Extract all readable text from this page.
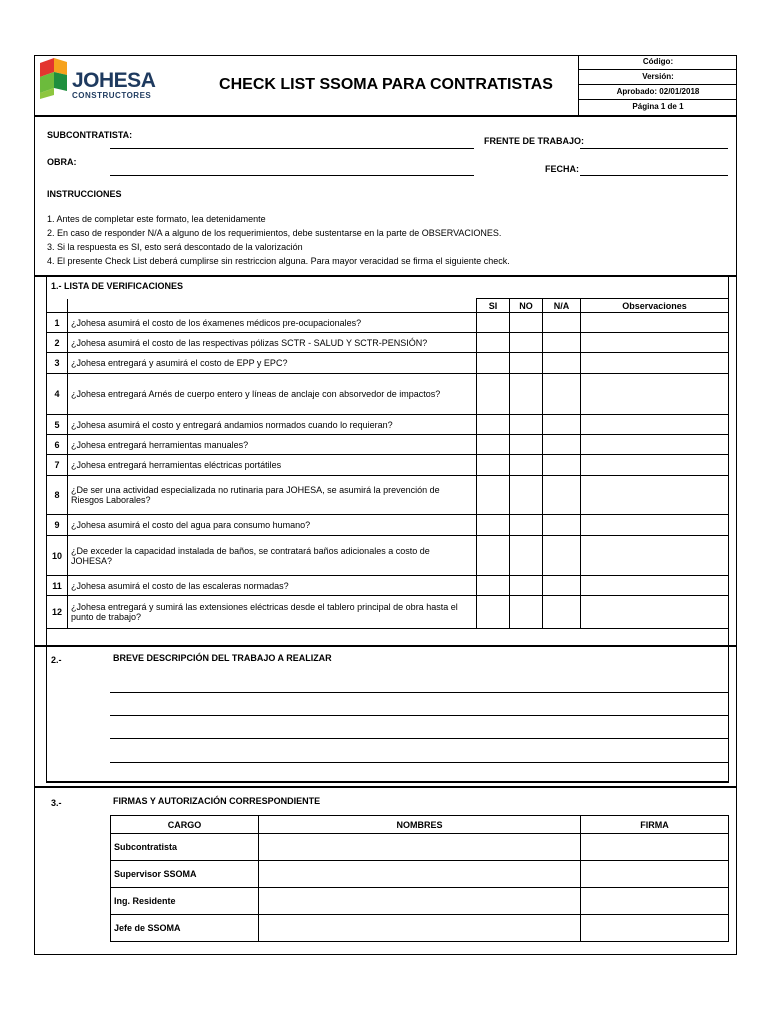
JOHESA
CONSTRUCTORES
CHECK LIST SSOMA PARA CONTRATISTAS
Código:
Versión:
Aprobado: 02/01/2018
Página 1 de 1
SUBCONTRATISTA:
FRENTE DE TRABAJO:
OBRA:
FECHA:
INSTRUCCIONES
1. Antes de completar este formato, lea detenidamente
2. En caso de responder N/A a alguno de los requerimientos, debe sustentarse en la parte de OBSERVACIONES.
3. Si la respuesta es SI, esto será descontado de la valorización
4. El presente Check List deberá cumplirse sin restriccion alguna. Para mayor veracidad se firma el siguiente check.
1.- LISTA DE VERIFICACIONES
		SI	NO	N/A	Observaciones
1	¿Johesa asumirá el costo de los éxamenes médicos pre-ocupacionales?				
2	¿Johesa asumirá el costo de las respectivas pólizas SCTR - SALUD Y SCTR-PENSIÓN?				
3	¿Johesa entregará y asumirá el costo de EPP y EPC?				
4	¿Johesa entregará Arnés de cuerpo entero y líneas de anclaje con absorvedor de impactos?				
5	¿Johesa asumirá el costo y entregará andamios normados cuando lo requieran?				
6	¿Johesa entregará herramientas manuales?				
7	¿Johesa entregará herramientas eléctricas portátiles				
8	¿De ser una actividad especializada no rutinaria para JOHESA, se asumirá la prevención de Riesgos Laborales?				
9	¿Johesa asumirá el costo del agua para consumo humano?				
10	¿De exceder la capacidad instalada de baños, se contratará baños adicionales a costo de JOHESA?				
11	¿Johesa asumirá el costo de las escaleras normadas?				
12	¿Johesa entregará y sumirá las extensiones eléctricas desde el tablero principal de obra hasta el punto de trabajo?				
2.-	BREVE DESCRIPCIÓN DEL TRABAJO A REALIZAR
3.-	FIRMAS Y AUTORIZACIÓN CORRESPONDIENTE
CARGO	NOMBRES	FIRMA
Subcontratista		
Supervisor SSOMA		
Ing. Residente		
Jefe de SSOMA		
